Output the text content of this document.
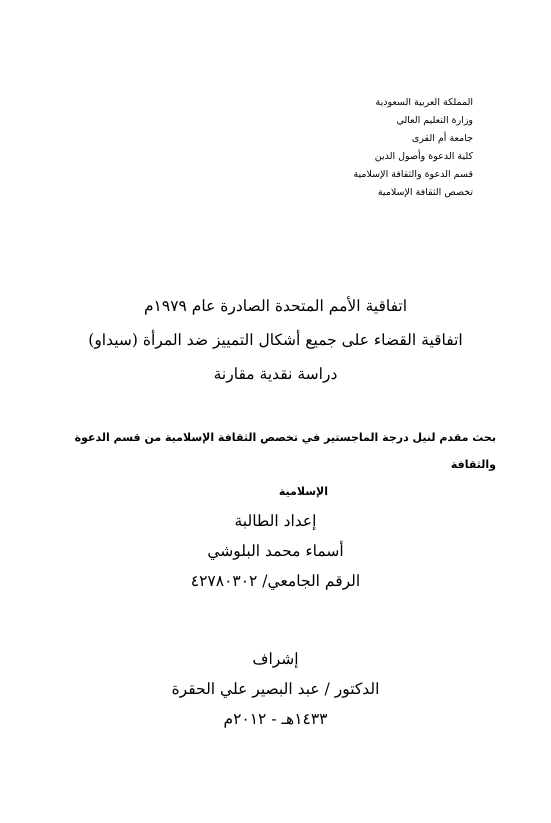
المملكة العربية السعودية
وزارة التعليم العالي
جامعة أم القرى
كلية الدعوة وأصول الدين
قسم الدعوة والثقافة الإسلامية
تخصص الثقافة الإسلامية
اتفاقية الأمم المتحدة الصادرة عام ١٩٧٩م
اتفاقية القضاء على جميع أشكال التمييز ضد المرأة (سيداو)
دراسة نقدية مقارنة
بحث مقدم لنيل درجة الماجستير في تخصص الثقافة الإسلامية من قسم الدعوة والثقافة
الإسلامية
إعداد الطالبة
أسماء محمد البلوشي
الرقم الجامعي/ ٤٢٧٨٠٣٠٢
إشراف
الدكتور / عبد البصير علي الحقرة
١٤٣٣هـ - ٢٠١٢م
